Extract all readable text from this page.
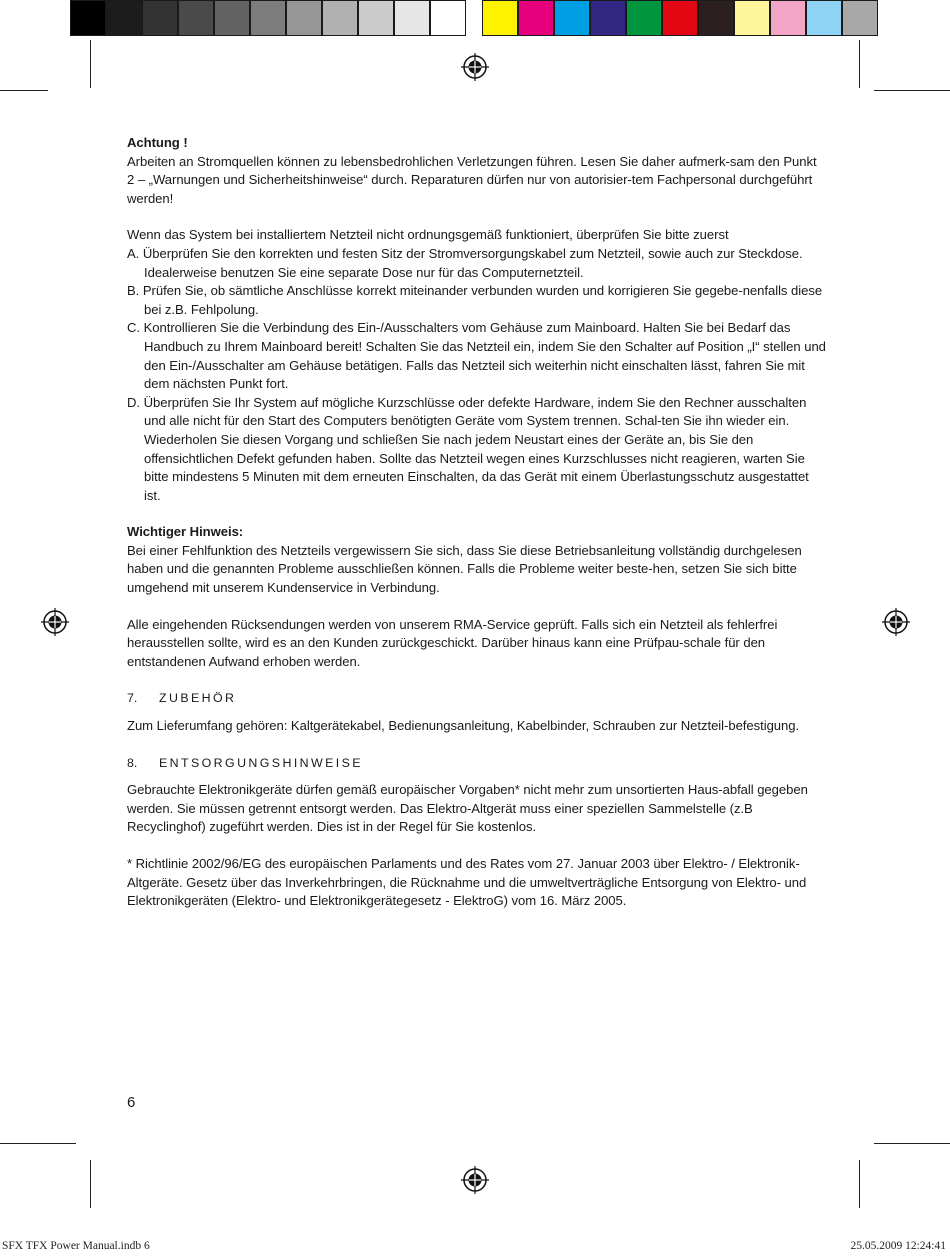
Achtung !

Arbeiten an Stromquellen können zu lebensbedrohlichen Verletzungen führen. Lesen Sie daher aufmerk-sam den Punkt 2 – „Warnungen und Sicherheitshinweise“ durch. Reparaturen dürfen nur von autorisier-tem Fachpersonal durchgeführt werden!

Wenn das System bei installiertem Netzteil nicht ordnungsgemäß funktioniert, überprüfen Sie bitte zuerst

A. Überprüfen Sie den korrekten und festen Sitz der Stromversorgungskabel zum Netzteil, sowie auch zur Steckdose. Idealerweise benutzen Sie eine separate Dose nur für das Computernetzteil.

B. Prüfen Sie, ob sämtliche Anschlüsse korrekt miteinander verbunden wurden und korrigieren Sie gegebe-nenfalls diese bei z.B. Fehlpolung.

C. Kontrollieren Sie die Verbindung des Ein-/Ausschalters vom Gehäuse zum Mainboard. Halten Sie bei Bedarf das Handbuch zu Ihrem Mainboard bereit! Schalten Sie das Netzteil ein, indem Sie den Schalter auf Position „I“ stellen und den Ein-/Ausschalter am Gehäuse betätigen. Falls das Netzteil sich weiterhin nicht einschalten lässt, fahren Sie mit dem nächsten Punkt fort.

D. Überprüfen Sie Ihr System auf mögliche Kurzschlüsse oder defekte Hardware, indem Sie den Rechner ausschalten und alle nicht für den Start des Computers benötigten Geräte vom System trennen. Schal-ten Sie ihn wieder ein. Wiederholen Sie diesen Vorgang und schließen Sie nach jedem Neustart eines der Geräte an, bis Sie den offensichtlichen Defekt gefunden haben. Sollte das Netzteil wegen eines Kurzschlusses nicht reagieren, warten Sie bitte mindestens 5 Minuten mit dem erneuten Einschalten, da das Gerät mit einem Überlastungsschutz ausgestattet ist.

Wichtiger Hinweis:

Bei einer Fehlfunktion des Netzteils vergewissern Sie sich, dass Sie diese Betriebsanleitung vollständig durchgelesen haben und die genannten Probleme ausschließen können. Falls die Probleme weiter beste-hen, setzen Sie sich bitte umgehend mit unserem Kundenservice in Verbindung.

Alle eingehenden Rücksendungen werden von unserem RMA-Service geprüft. Falls sich ein Netzteil als fehlerfrei herausstellen sollte, wird es an den Kunden zurückgeschickt. Darüber hinaus kann eine Prüfpau-schale für den entstandenen Aufwand erhoben werden.

7. ZUBEHÖR

Zum Lieferumfang gehören: Kaltgerätekabel, Bedienungsanleitung, Kabelbinder, Schrauben zur Netzteil-befestigung.

8. ENTSORGUNGSHINWEISE

Gebrauchte Elektronikgeräte dürfen gemäß europäischer Vorgaben* nicht mehr zum unsortierten Haus-abfall gegeben werden. Sie müssen getrennt entsorgt werden. Das Elektro-Altgerät muss einer speziellen Sammelstelle (z.B Recyclinghof) zugeführt werden. Dies ist in der Regel für Sie kostenlos.

* Richtlinie 2002/96/EG des europäischen Parlaments und des Rates vom 27. Januar 2003 über Elektro- / Elektronik-Altgeräte. Gesetz über das Inverkehrbringen, die Rücknahme und die umweltverträgliche Entsorgung von Elektro- und Elektronikgeräten (Elektro- und Elektronikgerätegesetz - ElektroG) vom 16. März 2005.

6
SFX TFX Power Manual.indb 6	25.05.2009 12:24:41
